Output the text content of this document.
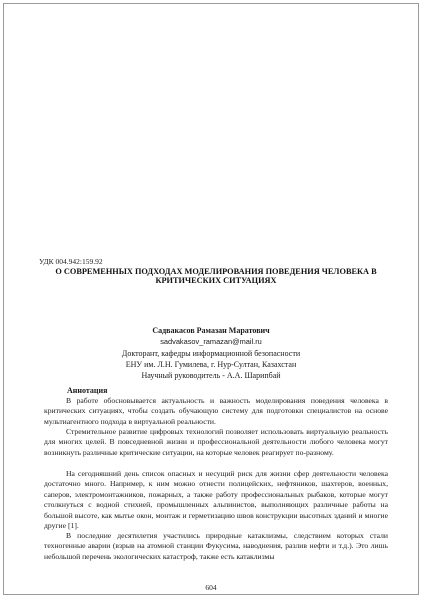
УДК 004.942:159.92
О СОВРЕМЕННЫХ ПОДХОДАХ МОДЕЛИРОВАНИЯ ПОВЕДЕНИЯ ЧЕЛОВЕКА В КРИТИЧЕСКИХ СИТУАЦИЯХ
Садвакасов Рамазан Маратович
sadvakasov_ramazan@mail.ru
Докторант, кафедры информационной безопасности
ЕНУ им. Л.Н. Гумилева, г. Нур-Султан, Казахстан
Научный руководитель - А.А. Шарипбай
Аннотация

В работе обосновывается актуальность и важность моделирования поведения человека в критических ситуациях, чтобы создать обучающую систему для подготовки специалистов на основе мультиагентного подхода в виртуальной реальности.

Стремительное развитие цифровых технологий позволяет использовать виртуальную реальность для многих целей. В повседневной жизни и профессиональной деятельности любого человека могут возникнуть различные критические ситуации, на которые человек реагирует по-разному.

На сегодняшний день список опасных и несущий риск для жизни сфер деятельности человека достаточно много. Например, к ним можно отнести полицейских, нефтяников, шахтеров, военных, саперов, электромонтажников, пожарных, а также работу профессиональных рыбаков, которые могут столкнуться с водной стихией, промышленных альпинистов, выполняющих различные работы на большой высоте, как мытье окон, монтаж и герметизацию швов конструкции высотных зданий и многие другие [1].

В последние десятилетия участились природные катаклизмы, следствием которых стали техногенные аварии (взрыв на атомной станции Фукусима, наводнения, разлив нефти и т.д.). Это лишь небольшой перечень экологических катастроф, также есть катаклизмы

604
